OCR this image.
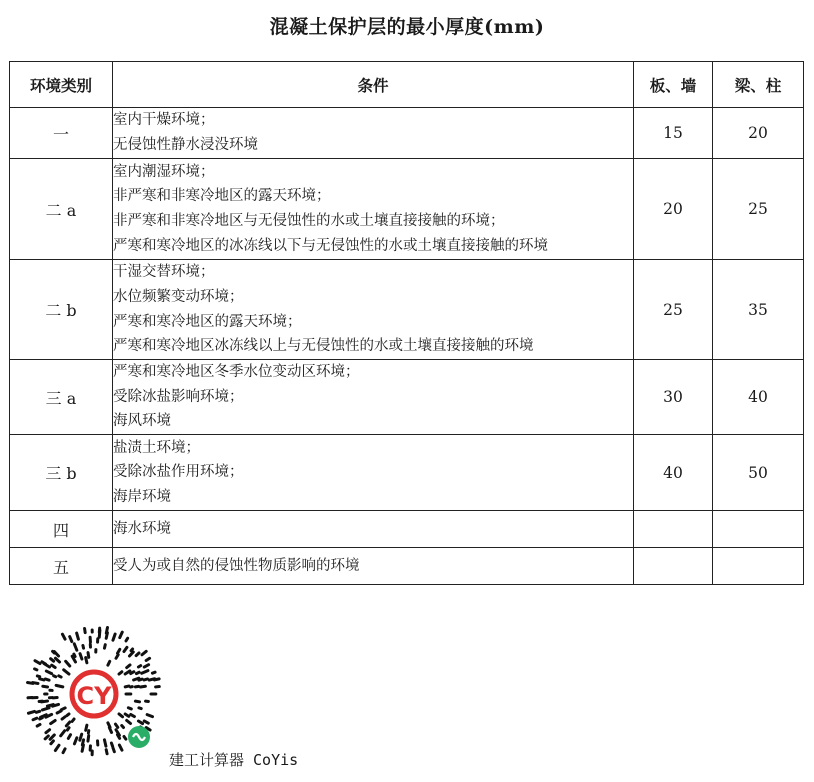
混凝土保护层的最小厚度(mm)
环境类别	条件	板、墙	梁、柱
一	室内干燥环境；
无侵蚀性静水浸没环境	15	20
二 a	室内潮湿环境；
非严寒和非寒冷地区的露天环境；
非严寒和非寒冷地区与无侵蚀性的水或土壤直接接触的环境；
严寒和寒冷地区的冰冻线以下与无侵蚀性的水或土壤直接接触的环境	20	25
二 b	干湿交替环境；
水位频繁变动环境；
严寒和寒冷地区的露天环境；
严寒和寒冷地区冰冻线以上与无侵蚀性的水或土壤直接接触的环境	25	35
三 a	严寒和寒冷地区冬季水位变动区环境；
受除冰盐影响环境；
海风环境	30	40
三 b	盐渍土环境；
受除冰盐作用环境；
海岸环境	40	50
四	海水环境		

五	受人为或自然的侵蚀性物质影响的环境		

CY
建工计算器 CoYis
